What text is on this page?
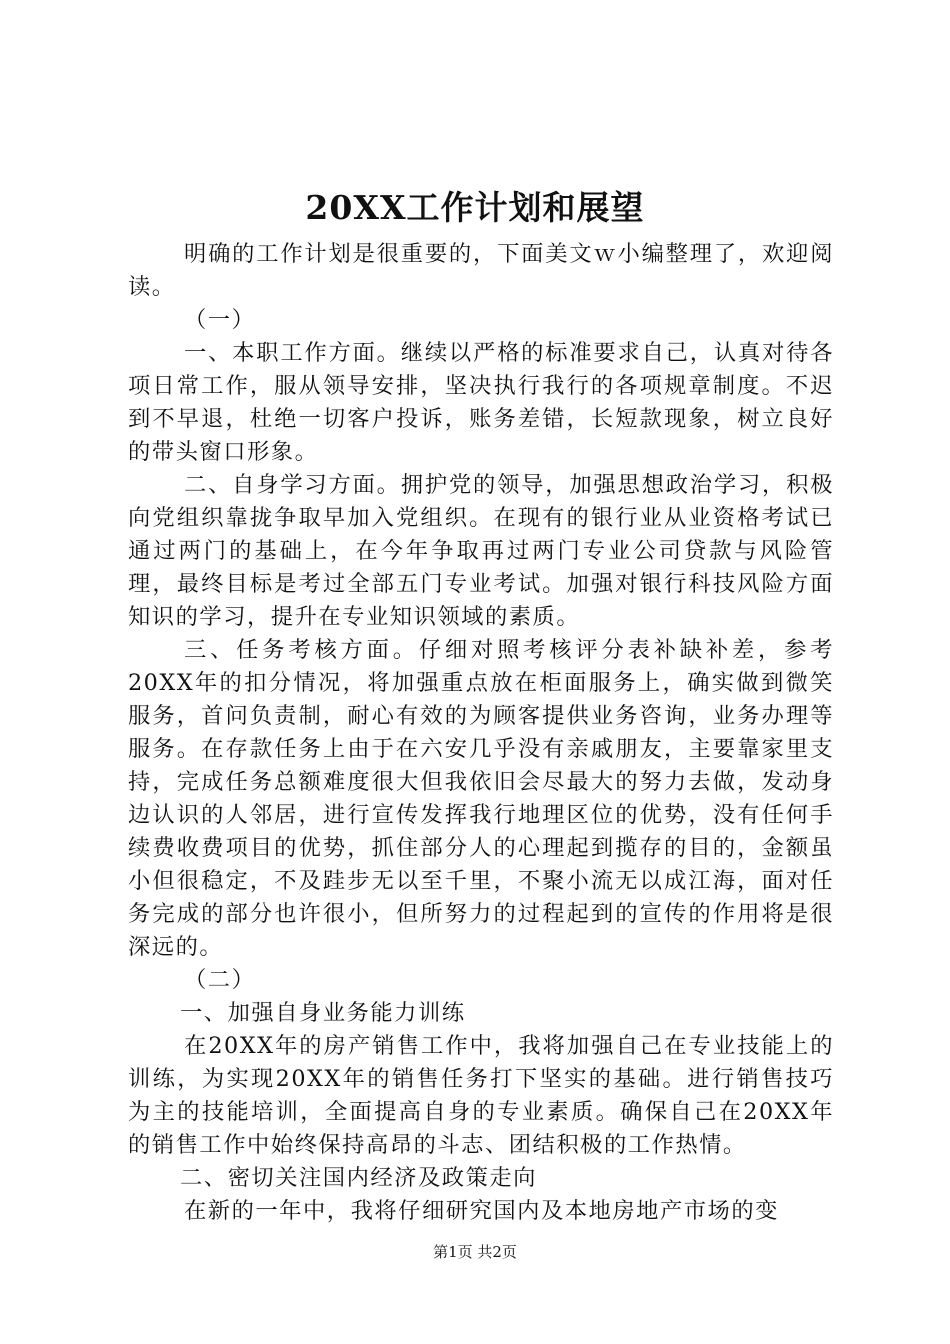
20XX工作计划和展望

明确的工作计划是很重要的，下面美文ｗ小编整理了，欢迎阅读。

（一）

一、本职工作方面。继续以严格的标准要求自己，认真对待各项日常工作，服从领导安排，坚决执行我行的各项规章制度。不迟到不早退，杜绝一切客户投诉，账务差错，长短款现象，树立良好的带头窗口形象。

二、自身学习方面。拥护党的领导，加强思想政治学习，积极向党组织靠拢争取早加入党组织。在现有的银行业从业资格考试已通过两门的基础上，在今年争取再过两门专业公司贷款与风险管理，最终目标是考过全部五门专业考试。加强对银行科技风险方面知识的学习，提升在专业知识领域的素质。

三、任务考核方面。仔细对照考核评分表补缺补差，参考20XX年的扣分情况，将加强重点放在柜面服务上，确实做到微笑服务，首问负责制，耐心有效的为顾客提供业务咨询，业务办理等服务。在存款任务上由于在六安几乎没有亲戚朋友，主要靠家里支持，完成任务总额难度很大但我依旧会尽最大的努力去做，发动身边认识的人邻居，进行宣传发挥我行地理区位的优势，没有任何手续费收费项目的优势，抓住部分人的心理起到揽存的目的，金额虽小但很稳定，不及跬步无以至千里，不聚小流无以成江海，面对任务完成的部分也许很小，但所努力的过程起到的宣传的作用将是很深远的。

（二）

一、加强自身业务能力训练

在20XX年的房产销售工作中，我将加强自己在专业技能上的训练，为实现20XX年的销售任务打下坚实的基础。进行销售技巧为主的技能培训，全面提高自身的专业素质。确保自己在20XX年的销售工作中始终保持高昂的斗志、团结积极的工作热情。

二、密切关注国内经济及政策走向

在新的一年中，我将仔细研究国内及本地房地产市场的变

第1页 共2页
